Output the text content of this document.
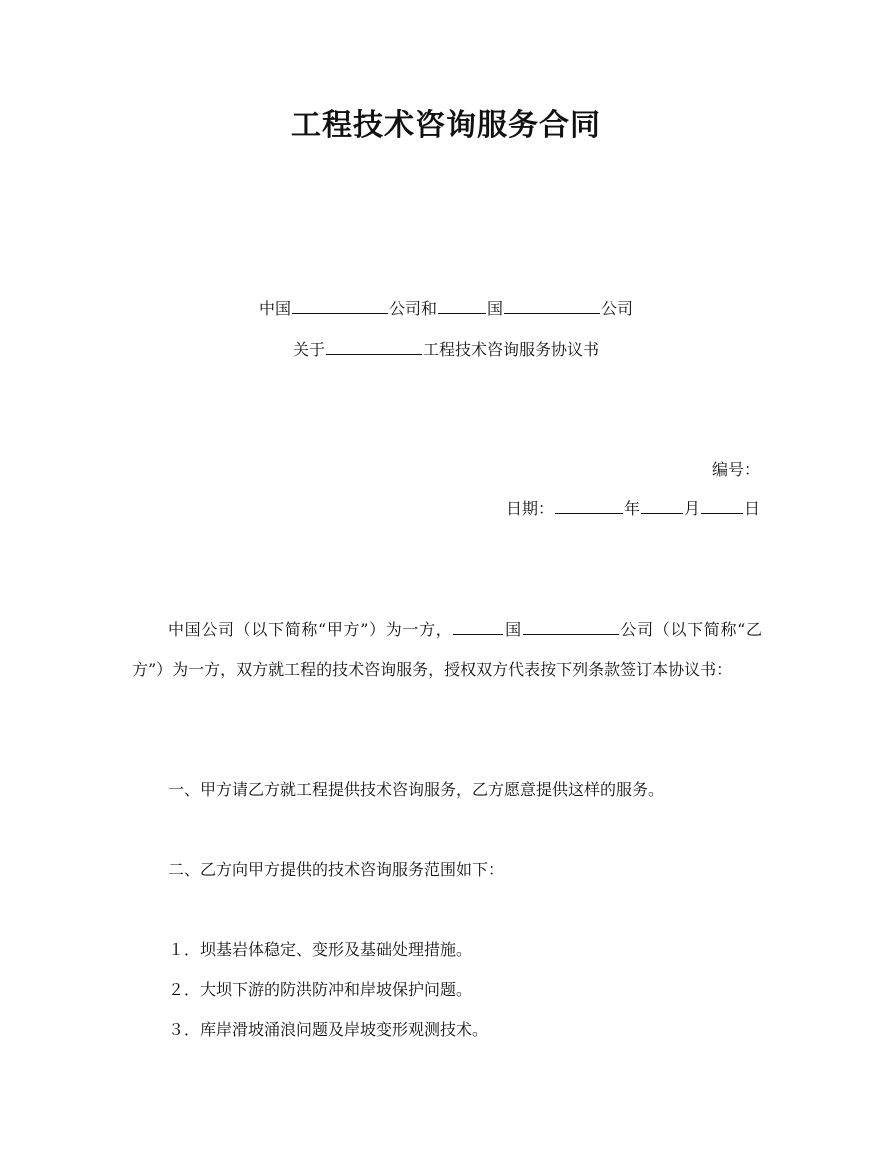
工程技术咨询服务合同
中国	公司和	国	公司
关于	工程技术咨询服务协议书
编号：
日期：	年	月	日
中国公司（以下简称“甲方”）为一方，	国	公司（以下简称“乙方”）为一方，双方就工程的技术咨询服务，授权双方代表按下列条款签订本协议书：
一、甲方请乙方就工程提供技术咨询服务，乙方愿意提供这样的服务。
二、乙方向甲方提供的技术咨询服务范围如下：
１．坝基岩体稳定、变形及基础处理措施。
２．大坝下游的防洪防冲和岸坡保护问题。
３．库岸滑坡涌浪问题及岸坡变形观测技术。
